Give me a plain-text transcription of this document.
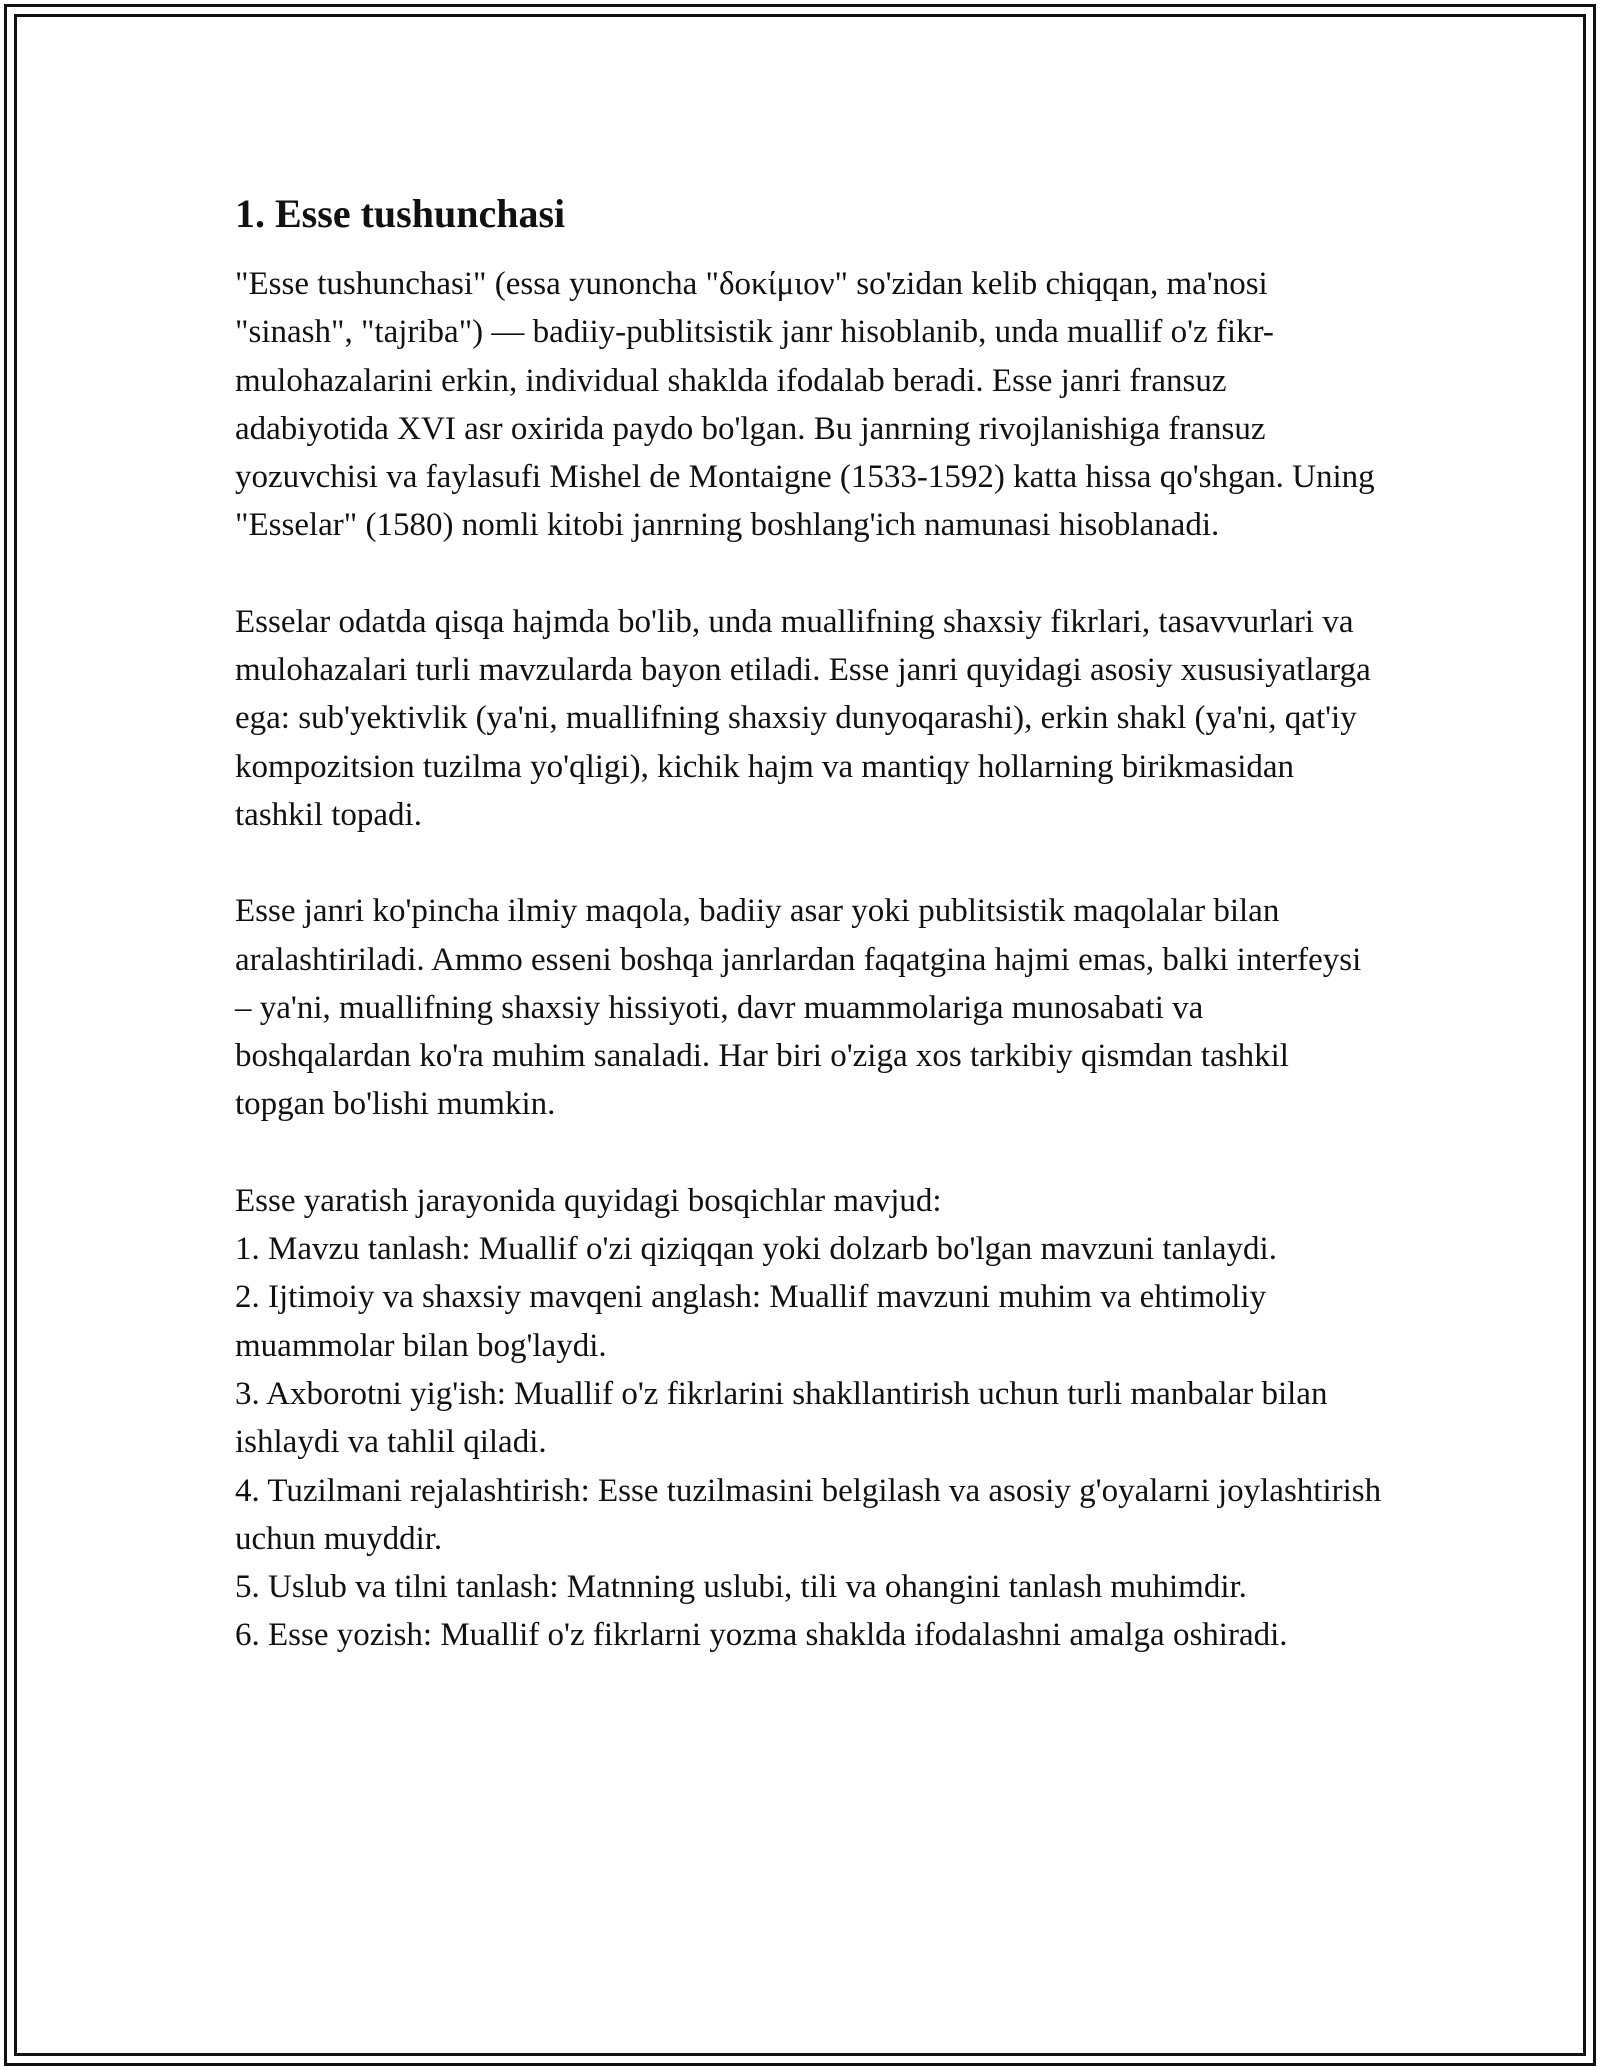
1. Esse tushunchasi

"Esse tushunchasi" (essa yunoncha "δοκίμιον" so'zidan kelib chiqqan, ma'nosi "sinash", "tajriba") — badiiy-publitsistik janr hisoblanib, unda muallif o'z fikr-mulohazalarini erkin, individual shaklda ifodalab beradi. Esse janri fransuz adabiyotida XVI asr oxirida paydo bo'lgan. Bu janrning rivojlanishiga fransuz yozuvchisi va faylasufi Mishel de Montaigne (1533-1592) katta hissa qo'shgan. Uning "Esselar" (1580) nomli kitobi janrning boshlang'ich namunasi hisoblanadi.

Esselar odatda qisqa hajmda bo'lib, unda muallifning shaxsiy fikrlari, tasavvurlari va mulohazalari turli mavzularda bayon etiladi. Esse janri quyidagi asosiy xususiyatlarga ega: sub'yektivlik (ya'ni, muallifning shaxsiy dunyoqarashi), erkin shakl (ya'ni, qat'iy kompozitsion tuzilma yo'qligi), kichik hajm va mantiqy hollarning birikmasidan tashkil topadi.

Esse janri ko'pincha ilmiy maqola, badiiy asar yoki publitsistik maqolalar bilan aralashtiriladi. Ammo esseni boshqa janrlardan faqatgina hajmi emas, balki interfeysi – ya'ni, muallifning shaxsiy hissiyoti, davr muammolariga munosabati va boshqalardan ko'ra muhim sanaladi. Har biri o'ziga xos tarkibiy qismdan tashkil topgan bo'lishi mumkin.

Esse yaratish jarayonida quyidagi bosqichlar mavjud:

1. Mavzu tanlash: Muallif o'zi qiziqqan yoki dolzarb bo'lgan mavzuni tanlaydi.
2. Ijtimoiy va shaxsiy mavqeni anglash: Muallif mavzuni muhim va ehtimoliy muammolar bilan bog'laydi.
3. Axborotni yig'ish: Muallif o'z fikrlarini shakllantirish uchun turli manbalar bilan ishlaydi va tahlil qiladi.
4. Tuzilmani rejalashtirish: Esse tuzilmasini belgilash va asosiy g'oyalarni joylashtirish uchun muyddir.
5. Uslub va tilni tanlash: Matnning uslubi, tili va ohangini tanlash muhimdir.
6. Esse yozish: Muallif o'z fikrlarni yozma shaklda ifodalashni amalga oshiradi.
